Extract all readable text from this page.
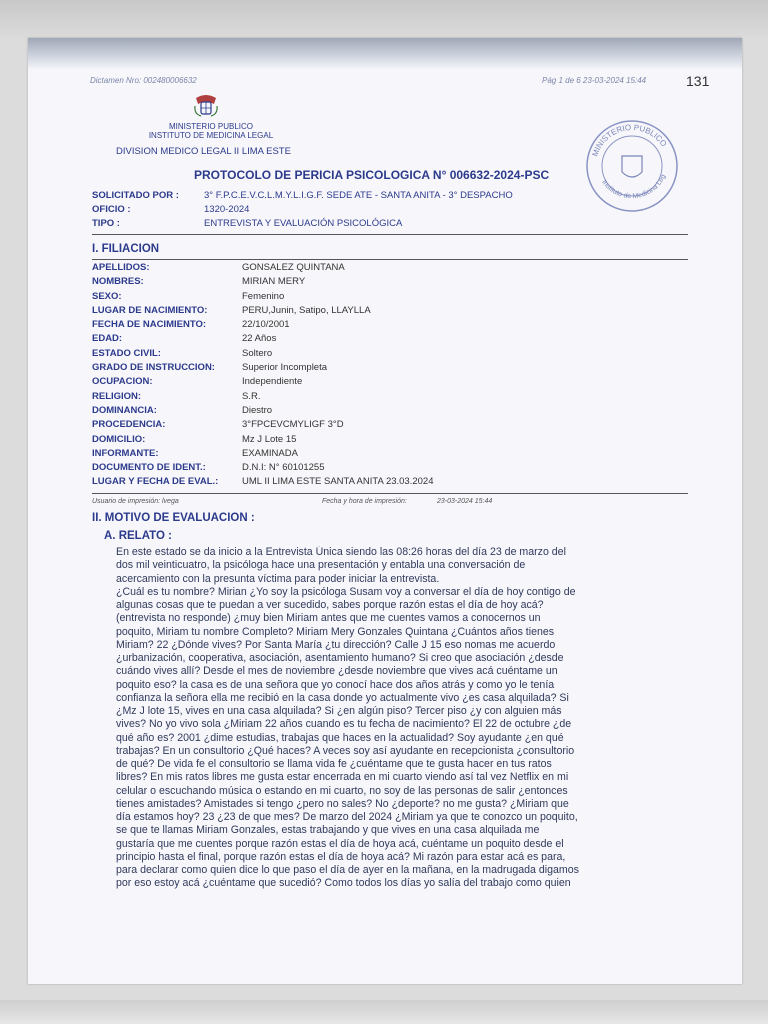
Dictamen Nro: 002480006632	Pág 1 de 6 23-03-2024 15:44	131
MINISTERIO PUBLICO
INSTITUTO DE MEDICINA LEGAL
DIVISION MEDICO LEGAL II LIMA ESTE	MINISTERIO PUBLICO
Instituto de Medicina Leg
PROTOCOLO DE PERICIA PSICOLOGICA N° 006632-2024-PSC
SOLICITADO POR :	3° F.P.C.E.V.C.L.M.Y.L.I.G.F. SEDE ATE - SANTA ANITA - 3° DESPACHO
OFICIO :	1320-2024
TIPO :	ENTREVISTA Y EVALUACIÓN PSICOLÓGICA
I. FILIACION
APELLIDOS:	GONSALEZ QUINTANA
NOMBRES:	MIRIAN MERY
SEXO:	Femenino
LUGAR DE NACIMIENTO:	PERU,Junin, Satipo, LLAYLLA
FECHA DE NACIMIENTO:	22/10/2001
EDAD:	22 Años
ESTADO CIVIL:	Soltero
GRADO DE INSTRUCCION:	Superior Incompleta
OCUPACION:	Independiente
RELIGION:	S.R.
DOMINANCIA:	Diestro
PROCEDENCIA:	3°FPCEVCMYLIGF 3°D
DOMICILIO:	Mz J Lote 15
INFORMANTE:	EXAMINADA
DOCUMENTO DE IDENT.:	D.N.I: N° 60101255
LUGAR Y FECHA DE EVAL.: UML II LIMA ESTE SANTA ANITA 23.03.2024
Usuario de impresión: lvega	Fecha y hora de impresión:	23-03-2024 15:44
II. MOTIVO DE EVALUACION :
A. RELATO :
En este estado se da inicio a la Entrevista Única siendo las 08:26 horas del día 23 de marzo del
dos mil veinticuatro, la psicóloga hace una presentación y entabla una conversación de
acercamiento con la presunta víctima para poder iniciar la entrevista.
¿Cuál es tu nombre? Mirian ¿Yo soy la psicóloga Susam voy a conversar el día de hoy contigo de
algunas cosas que te puedan a ver sucedido, sabes porque razón estas el día de hoy acá?
(entrevista no responde) ¿muy bien Miriam antes que me cuentes vamos a conocernos un
poquito, Miriam tu nombre Completo? Miriam Mery Gonzales Quintana ¿Cuántos años tienes
Miriam? 22 ¿Dónde vives? Por Santa María ¿tu dirección? Calle J 15 eso nomas me acuerdo
¿urbanización, cooperativa, asociación, asentamiento humano? Si creo que asociación ¿desde
cuándo vives allí? Desde el mes de noviembre ¿desde noviembre que vives acá cuéntame un
poquito eso? la casa es de una señora que yo conocí hace dos años atrás y como yo le tenía
confianza la señora ella me recibió en la casa donde yo actualmente vivo ¿es casa alquilada? Si
¿Mz J lote 15, vives en una casa alquilada? Si ¿en algún piso? Tercer piso ¿y con alguien más
vives? No yo vivo sola ¿Miriam 22 años cuando es tu fecha de nacimiento? El 22 de octubre ¿de
qué año es? 2001 ¿dime estudias, trabajas que haces en la actualidad? Soy ayudante ¿en qué
trabajas? En un consultorio ¿Qué haces? A veces soy así ayudante en recepcionista ¿consultorio
de qué? De vida fe el consultorio se llama vida fe ¿cuéntame que te gusta hacer en tus ratos
libres? En mis ratos libres me gusta estar encerrada en mi cuarto viendo así tal vez Netflix en mi
celular o escuchando música o estando en mi cuarto, no soy de las personas de salir ¿entonces
tienes amistades? Amistades si tengo ¿pero no sales? No ¿deporte? no me gusta? ¿Miriam que
día estamos hoy? 23 ¿23 de que mes? De marzo del 2024 ¿Miriam ya que te conozco un poquito,
se que te llamas Miriam Gonzales, estas trabajando y que vives en una casa alquilada me
gustaría que me cuentes porque razón estas el día de hoya acá, cuéntame un poquito desde el
principio hasta el final, porque razón estas el día de hoya acá? Mi razón para estar acá es para,
para declarar como quien dice lo que paso el día de ayer en la mañana, en la madrugada digamos
por eso estoy acá ¿cuéntame que sucedió? Como todos los días yo salía del trabajo como quien
